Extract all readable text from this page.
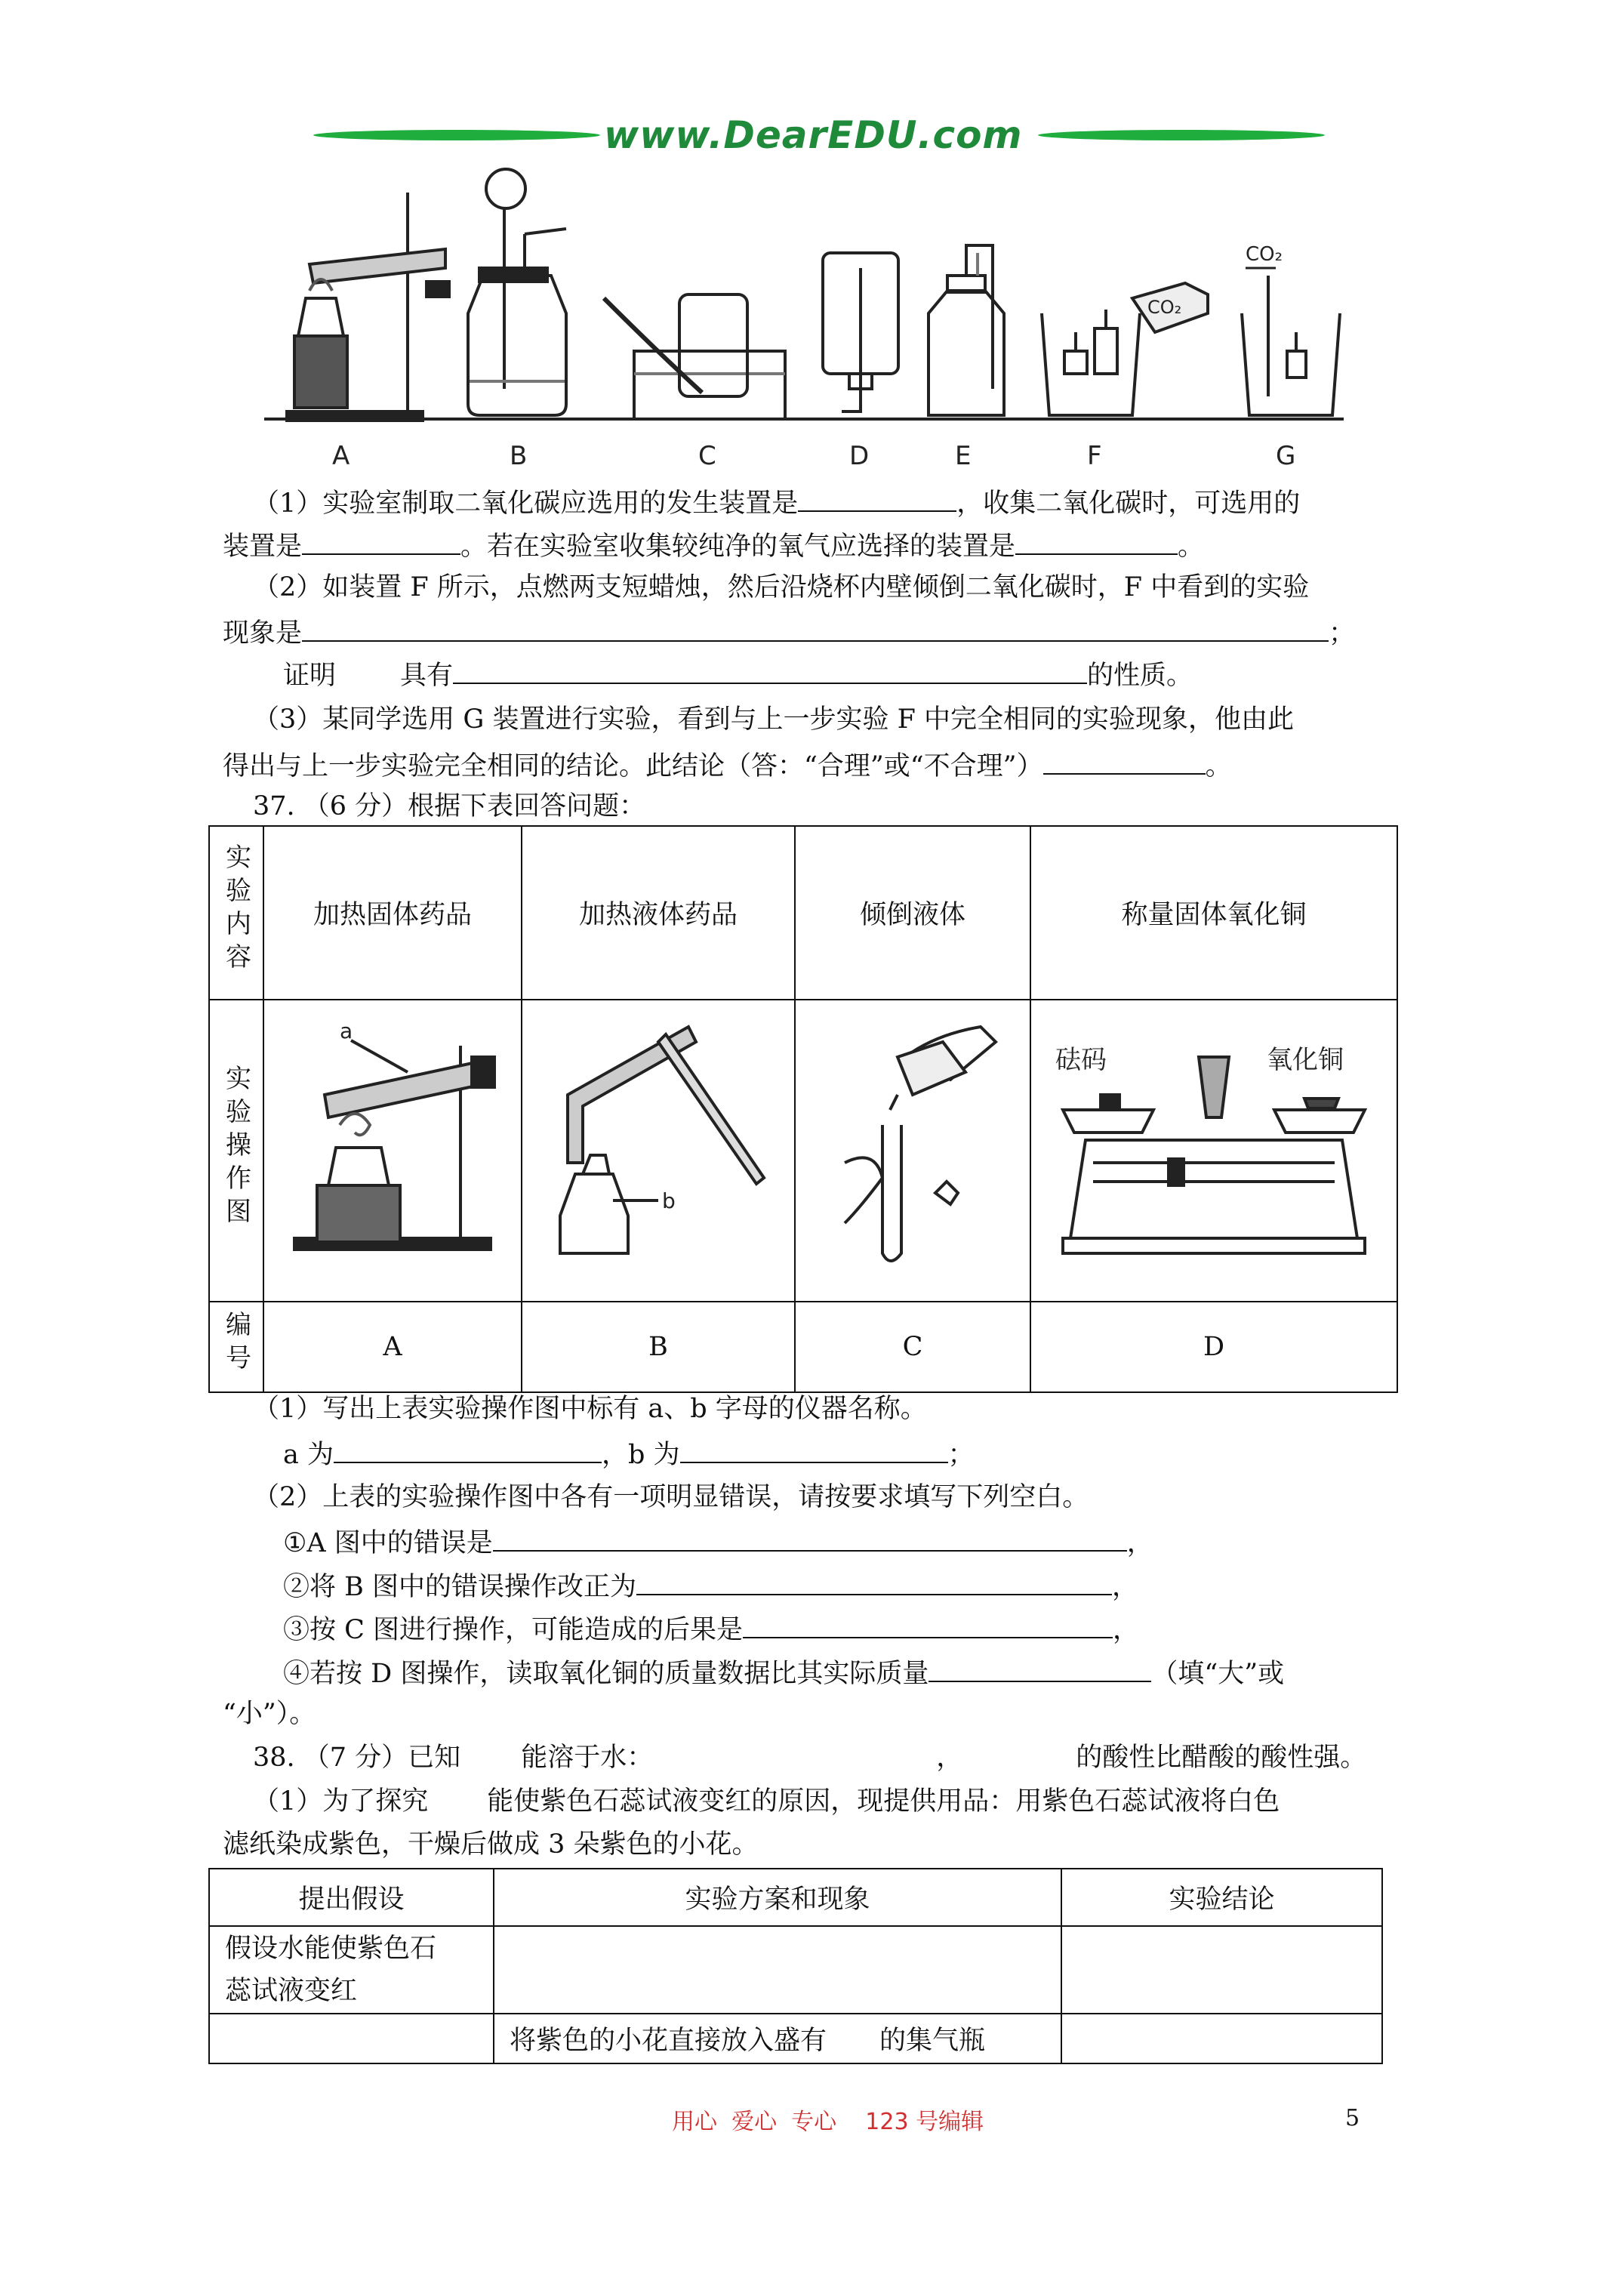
www.DearEDU.com
CO₂
CO₂
A	B	C	D	E	F	G
（1）实验室制取二氧化碳应选用的发生装置是	，收集二氧化碳时，可选用的
装置是	。若在实验室收集较纯净的氧气应选择的装置是	。
（2）如装置 F 所示，点燃两支短蜡烛，然后沿烧杯内壁倾倒二氧化碳时，F 中看到的实验
现象是	；
证明 具有	的性质。
（3）某同学选用 G 装置进行实验，看到与上一步实验 F 中完全相同的实验现象，他由此
得出与上一步实验完全相同的结论。此结论（答：“合理”或“不合理”）	。
37. （6 分）根据下表回答问题：
实验内容	加热固体药品	加热液体药品	倾倒液体	称量固体氧化铜
实验操作图	a	b		砝码 氧化铜

编号	A	B	C	D
（1）写出上表实验操作图中标有 a、b 字母的仪器名称。
a 为	，b 为	；
（2）上表的实验操作图中各有一项明显错误，请按要求填写下列空白。
①A 图中的错误是	，
②将 B 图中的错误操作改正为	，
③按 C 图进行操作，可能造成的后果是	，
④若按 D 图操作，读取氧化铜的质量数据比其实际质量	（填“大”或
“小”）。
38. （7 分）已知 能溶于水：	，	的酸性比醋酸的酸性强。
（1）为了探究 能使紫色石蕊试液变红的原因，现提供用品：用紫色石蕊试液将白色
滤纸染成紫色，干燥后做成 3 朵紫色的小花。
提出假设	实验方案和现象	实验结论

假设水能使紫色石
蕊试液变红		

	将紫色的小花直接放入盛有 的集气瓶	
用心  爱心  专心    123 号编辑	5
